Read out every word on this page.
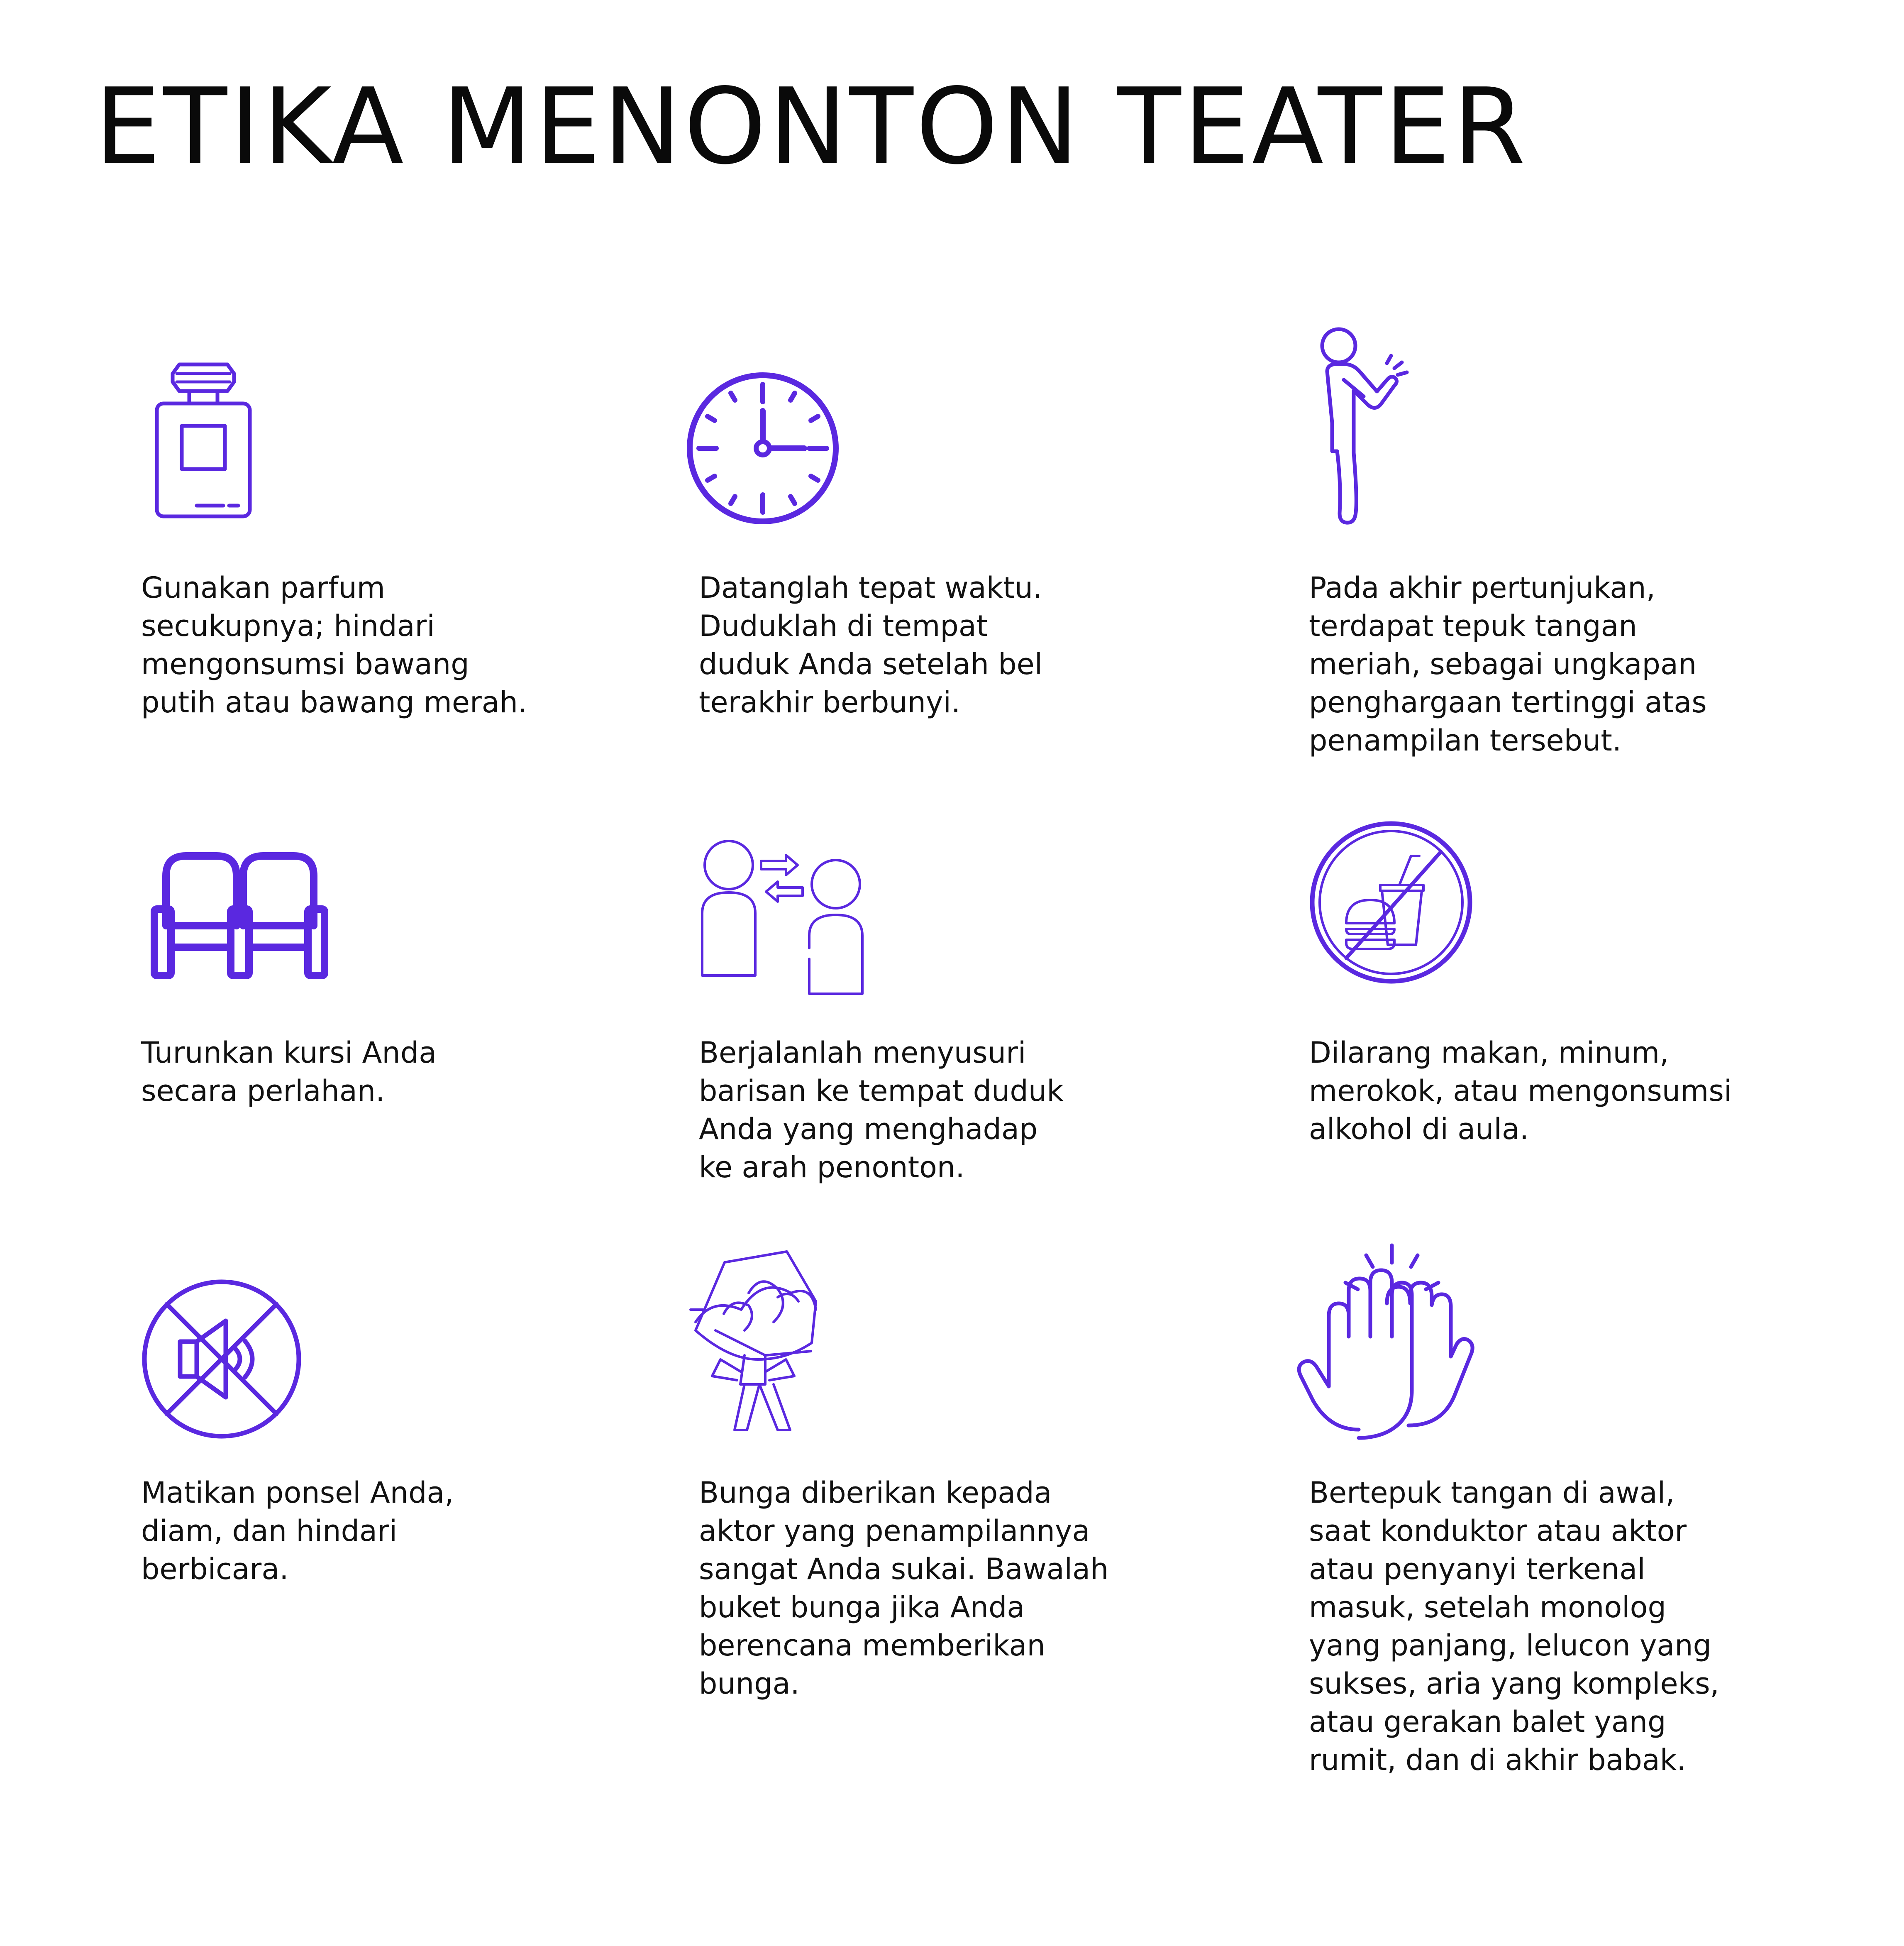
ETIKA MENONTON TEATER

Gunakan parfum
secukupnya; hindari
mengonsumsi bawang
putih atau bawang merah.

Datanglah tepat waktu.
Duduklah di tempat
duduk Anda setelah bel
terakhir berbunyi.

Pada akhir pertunjukan,
terdapat tepuk tangan
meriah, sebagai ungkapan
penghargaan tertinggi atas
penampilan tersebut.

Turunkan kursi Anda
secara perlahan.

Berjalanlah menyusuri
barisan ke tempat duduk
Anda yang menghadap
ke arah penonton.

Dilarang makan, minum,
merokok, atau mengonsumsi
alkohol di aula.

Matikan ponsel Anda,
diam, dan hindari
berbicara.

Bunga diberikan kepada
aktor yang penampilannya
sangat Anda sukai. Bawalah
buket bunga jika Anda
berencana memberikan
bunga.

Bertepuk tangan di awal,
saat konduktor atau aktor
atau penyanyi terkenal
masuk, setelah monolog
yang panjang, lelucon yang
sukses, aria yang kompleks,
atau gerakan balet yang
rumit, dan di akhir babak.
